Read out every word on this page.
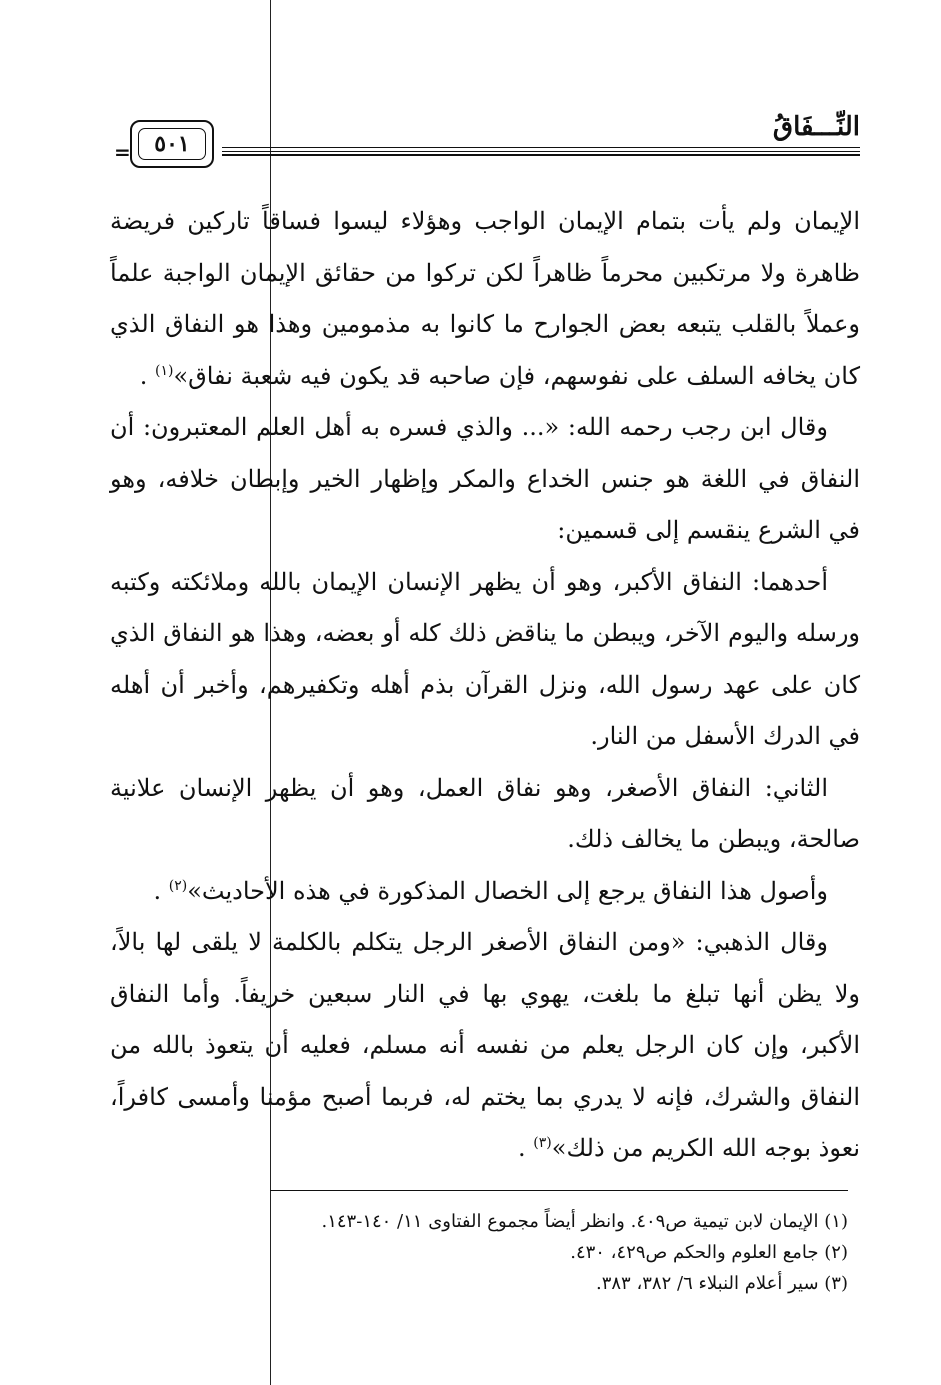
النِّـــفَاقُ
=	٥٠١

الإيمان ولم يأت بتمام الإيمان الواجب وهؤلاء ليسوا فساقاً تاركين فريضة ظاهرة ولا مرتكبين محرماً ظاهراً لكن تركوا من حقائق الإيمان الواجبة علماً وعملاً بالقلب يتبعه بعض الجوارح ما كانوا به مذمومين وهذا هو النفاق الذي كان يخافه السلف على نفوسهم، فإن صاحبه قد يكون فيه شعبة نفاق»$^{(١)}$ .

وقال ابن رجب رحمه الله: «... والذي فسره به أهل العلم المعتبرون: أن النفاق في اللغة هو جنس الخداع والمكر وإظهار الخير وإبطان خلافه، وهو في الشرع ينقسم إلى قسمين:

أحدهما: النفاق الأكبر، وهو أن يظهر الإنسان الإيمان بالله وملائكته وكتبه ورسله واليوم الآخر، ويبطن ما يناقض ذلك كله أو بعضه، وهذا هو النفاق الذي كان على عهد رسول الله، ونزل القرآن بذم أهله وتكفيرهم، وأخبر أن أهله في الدرك الأسفل من النار.

الثاني: النفاق الأصغر، وهو نفاق العمل، وهو أن يظهر الإنسان علانية صالحة، ويبطن ما يخالف ذلك.

وأصول هذا النفاق يرجع إلى الخصال المذكورة في هذه الأحاديث»$^{(٢)}$ .

وقال الذهبي: «ومن النفاق الأصغر الرجل يتكلم بالكلمة لا يلقى لها بالاً، ولا يظن أنها تبلغ ما بلغت، يهوي بها في النار سبعين خريفاً. وأما النفاق الأكبر، وإن كان الرجل يعلم من نفسه أنه مسلم، فعليه أن يتعوذ بالله من النفاق والشرك، فإنه لا يدري بما يختم له، فربما أصبح مؤمنا وأمسى كافراً، نعوذ بوجه الله الكريم من ذلك»$^{(٣)}$ .

(١) الإيمان لابن تيمية ص٤٠٩. وانظر أيضاً مجموع الفتاوى ١١/ ١٤٠-١٤٣.

(٢) جامع العلوم والحكم ص٤٢٩، ٤٣٠.

(٣) سير أعلام النبلاء ٦/ ٣٨٢، ٣٨٣.
